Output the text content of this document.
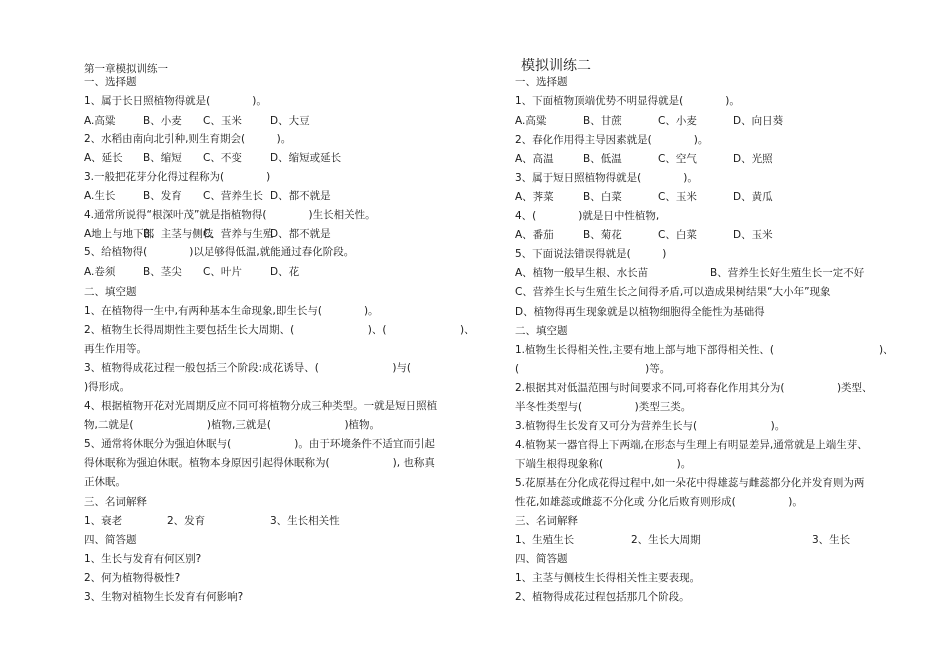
第一章模拟训练一
一、选择题
1、属于长日照植物得就是(　　　　)。
A.高粱	B、小麦 C、玉米	D、大豆
2、水稻由南向北引种,则生育期会(　　　)。
A、延长 B、缩短 C、不变	D、缩短或延长
3.一般把花芽分化得过程称为(　　　　)
A.生长	B、发育 C、营养生长 D、都不就是
4.通常所说得“根深叶茂”就是指植物得(　　　　)生长相关性。
A地上与地下部
B、主茎与侧枝
C、营养与生殖
D、都不就是
5、给植物得(　　　　)以足够得低温,就能通过春化阶段。
A.卷须	B、茎尖 C、叶片	D、花
二、填空题
1、在植物得一生中,有两种基本生命现象,即生长与(　　　　)。
2、植物生长得周期性主要包括生长大周期、(　　　　　　　)、(　　　　　　　)、
再生作用等。
3、植物得成花过程一般包括三个阶段:成花诱导、(　　　　　　　)与(
)得形成。
4、根据植物开花对光周期反应不同可将植物分成三种类型。一就是短日照植
物,二就是(　　　　　　　)植物,三就是(　　　　　　　)植物。
5、通常将休眠分为强迫休眠与(　　　　　　)。由于环境条件不适宜而引起
得休眠称为强迫休眠。植物本身原因引起得休眠称为(　　　　　　), 也称真
正休眠。
三、名词解释
1、衰老	2、发育	3、生长相关性
四、简答题
1、生长与发育有何区别?
2、何为植物得极性?
3、生物对植物生长发育有何影响?
模拟训练二
一、选择题
1、下面植物顶端优势不明显得就是(　　　　)。
A.高粱	B、甘蔗	C、小麦	D、向日葵
2、春化作用得主导因素就是(　　　　)。
A、高温	B、低温	C、空气	D、光照
3、属于短日照植物得就是(　　　　)。
A、荠菜	B、白菜	C、玉米	D、黄瓜
4、(　　　　)就是日中性植物,
A、番茄	B、菊花	C、白菜	D、玉米
5、下面说法错误得就是(　　　)
A、植物一般早生根、水长苗	B、营养生长好生殖生长一定不好
C、营养生长与生殖生长之间得矛盾,可以造成果树结果“大小年”现象
D、植物得再生现象就是以植物细胞得全能性为基础得
二、填空题
1.植物生长得相关性,主要有地上部与地下部得相关性、(　　　　　　　　　　)、
(　　　　　　　　　　　　)等。
2.根据其对低温范围与时间要求不同,可将春化作用其分为(　　　　　)类型、
半冬性类型与(　　　　　)类型三类。
3.植物得生长发育又可分为营养生长与(　　　　　　　)。
4.植物某一器官得上下两端,在形态与生理上有明显差异,通常就是上端生芽、
下端生根得现象称(　　　　　　　)。
5.花原基在分化成花得过程中,如一朵花中得雄蕊与雌蕊都分化并发育则为两
性花,如雄蕊或雌蕊不分化或 分化后败育则形成(　　　　　)。
三、名词解释
1、生殖生长	2、生长大周期	3、生长
四、简答题
1、主茎与侧枝生长得相关性主要表现。
2、植物得成花过程包括那几个阶段。
